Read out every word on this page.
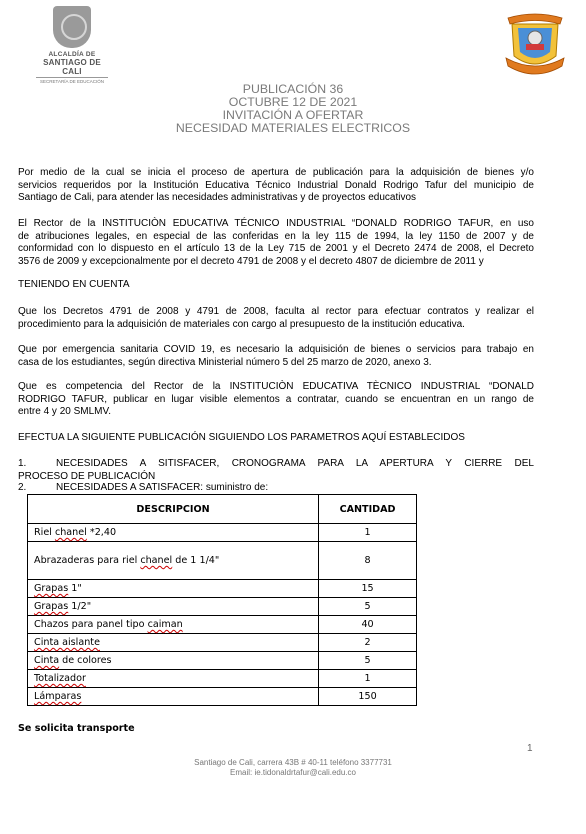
ALCALDÍA DE
SANTIAGO DE CALI
SECRETARÍA DE EDUCACIÓN
PUBLICACIÓN 36
OCTUBRE 12 DE 2021
INVITACIÓN A OFERTAR
NECESIDAD MATERIALES ELECTRICOS
Por medio de la cual se inicia el proceso de apertura de publicación para la adquisición de bienes y/o
servicios requeridos por la Institución Educativa Técnico Industrial Donald Rodrigo Tafur del municipio de
Santiago de Cali, para atender las necesidades administrativas y de proyectos educativos
El Rector de la INSTITUCIÒN EDUCATIVA TÉCNICO INDUSTRIAL “DONALD RODRIGO TAFUR, en uso
de atribuciones legales, en especial de las conferidas en la ley 115 de 1994, la ley 1150 de 2007 y de
conformidad con lo dispuesto en el artículo 13 de la Ley 715 de 2001 y el Decreto 2474 de 2008, el Decreto
3576 de 2009 y excepcionalmente por el decreto 4791 de 2008 y el decreto 4807 de diciembre de 2011 y
TENIENDO EN CUENTA
Que los Decretos 4791 de 2008 y 4791 de 2008, faculta al rector para efectuar contratos y realizar el
procedimiento para la adquisición de materiales con cargo al presupuesto de la institución educativa.
Que por emergencia sanitaria COVID 19, es necesario la adquisición de bienes o servicios para trabajo en
casa de los estudiantes, según directiva Ministerial número 5 del 25 marzo de 2020, anexo 3.
Que es competencia del Rector de la INSTITUCIÒN EDUCATIVA TÈCNICO INDUSTRIAL “DONALD
RODRIGO TAFUR, publicar en lugar visible elementos a contratar, cuando se encuentran en un rango de
entre 4 y 20 SMLMV.
EFECTUA LA SIGUIENTE PUBLICACIÓN SIGUIENDO LOS PARAMETROS AQUÍ ESTABLECIDOS
1.	NECESIDADES A SITISFACER, CRONOGRAMA PARA LA APERTURA Y CIERRE DEL
PROCESO DE PUBLICACIÓN
2.	NECESIDADES A SATISFACER: suministro de:
DESCRIPCION	CANTIDAD
Riel chanel *2,40	1
Abrazaderas para riel chanel de 1 1/4"	8
Grapas 1"	15
Grapas 1/2"	5
Chazos para panel tipo caiman	40
Cinta aislante	2
Cinta de colores	5
Totalizador	1
Lámparas	150
Se solicita transporte
1
Santiago de Cali, carrera 43B # 40-11 teléfono 3377731
Email: ie.tidonaldrtafur@cali.edu.co
